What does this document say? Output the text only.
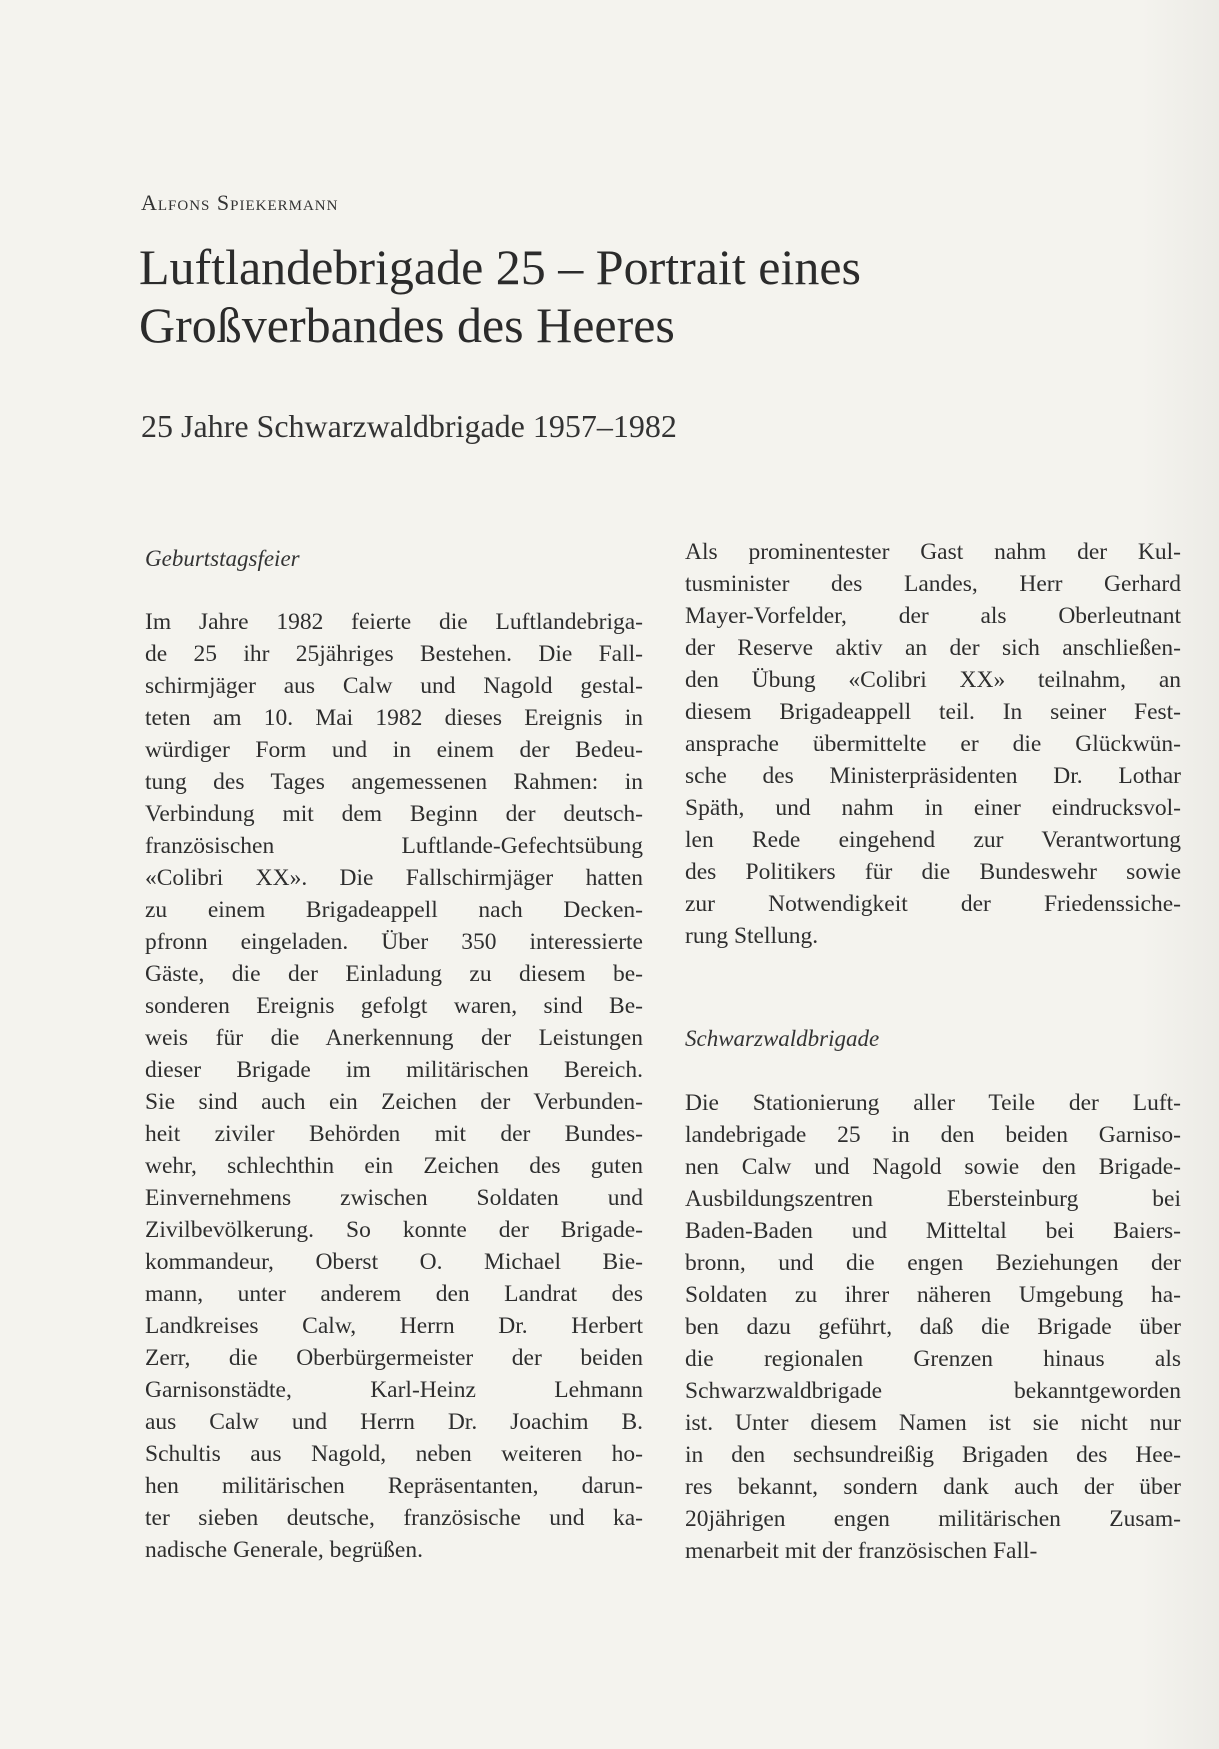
Alfons Spiekermann
Luftlandebrigade 25 – Portrait eines
Großverbandes des Heeres
25 Jahre Schwarzwaldbrigade 1957–1982
Geburtstagsfeier
Im Jahre 1982 feierte die Luftlandebriga-
de 25 ihr 25jähriges Bestehen. Die Fall-
schirmjäger aus Calw und Nagold gestal-
teten am 10. Mai 1982 dieses Ereignis in
würdiger Form und in einem der Bedeu-
tung des Tages angemessenen Rahmen: in
Verbindung mit dem Beginn der deutsch-
französischen Luftlande-Gefechtsübung
«Colibri XX». Die Fallschirmjäger hatten
zu einem Brigadeappell nach Decken-
pfronn eingeladen. Über 350 interessierte
Gäste, die der Einladung zu diesem be-
sonderen Ereignis gefolgt waren, sind Be-
weis für die Anerkennung der Leistungen
dieser Brigade im militärischen Bereich.
Sie sind auch ein Zeichen der Verbunden-
heit ziviler Behörden mit der Bundes-
wehr, schlechthin ein Zeichen des guten
Einvernehmens zwischen Soldaten und
Zivilbevölkerung. So konnte der Brigade-
kommandeur, Oberst O. Michael Bie-
mann, unter anderem den Landrat des
Landkreises Calw, Herrn Dr. Herbert
Zerr, die Oberbürgermeister der beiden
Garnisonstädte, Karl-Heinz Lehmann
aus Calw und Herrn Dr. Joachim B.
Schultis aus Nagold, neben weiteren ho-
hen militärischen Repräsentanten, darun-
ter sieben deutsche, französische und ka-
nadische Generale, begrüßen.
Als prominentester Gast nahm der Kul-
tusminister des Landes, Herr Gerhard
Mayer-Vorfelder, der als Oberleutnant
der Reserve aktiv an der sich anschließen-
den Übung «Colibri XX» teilnahm, an
diesem Brigadeappell teil. In seiner Fest-
ansprache übermittelte er die Glückwün-
sche des Ministerpräsidenten Dr. Lothar
Späth, und nahm in einer eindrucksvol-
len Rede eingehend zur Verantwortung
des Politikers für die Bundeswehr sowie
zur Notwendigkeit der Friedenssiche-
rung Stellung.
Schwarzwaldbrigade
Die Stationierung aller Teile der Luft-
landebrigade 25 in den beiden Garniso-
nen Calw und Nagold sowie den Brigade-
Ausbildungszentren Ebersteinburg bei
Baden-Baden und Mitteltal bei Baiers-
bronn, und die engen Beziehungen der
Soldaten zu ihrer näheren Umgebung ha-
ben dazu geführt, daß die Brigade über
die regionalen Grenzen hinaus als
Schwarzwaldbrigade bekanntgeworden
ist. Unter diesem Namen ist sie nicht nur
in den sechsundreißig Brigaden des Hee-
res bekannt, sondern dank auch der über
20jährigen engen militärischen Zusam-
menarbeit mit der französischen Fall-
